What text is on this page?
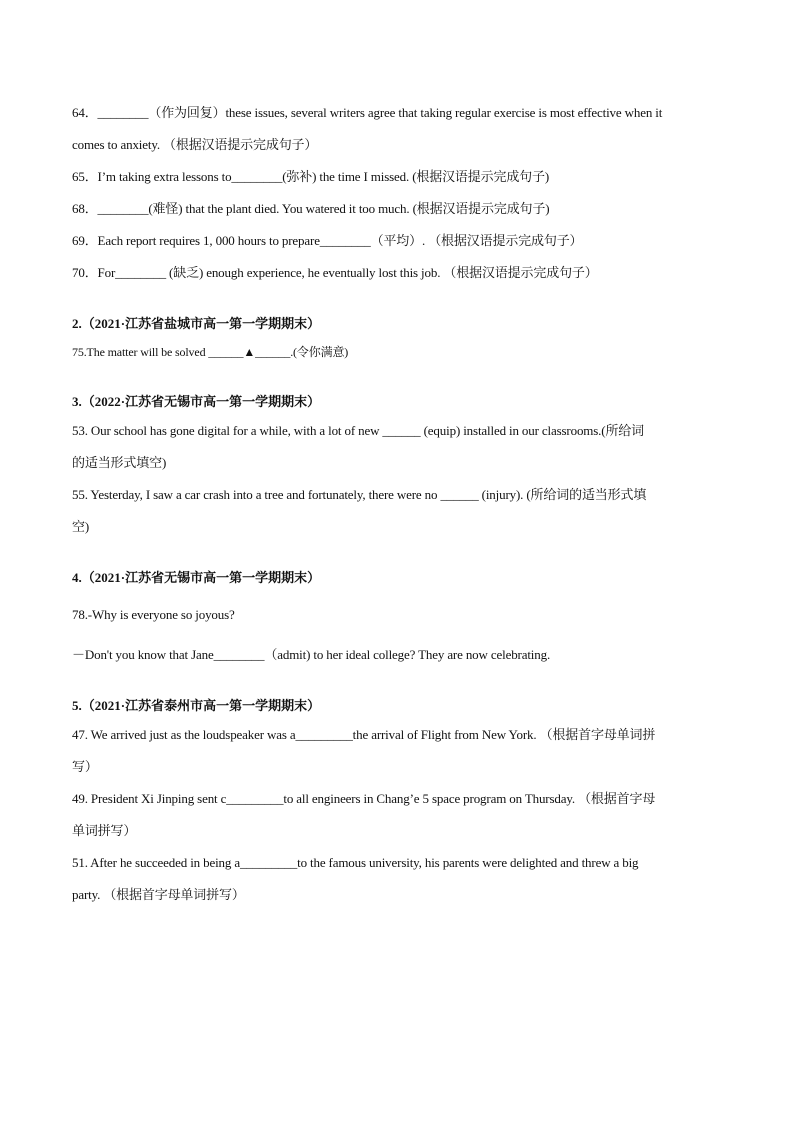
64．________（作为回复）these issues, several writers agree that taking regular exercise is most effective when it
comes to anxiety. （根据汉语提示完成句子）
65．I’m taking extra lessons to________(弥补) the time I missed. (根据汉语提示完成句子)
68．________(难怪) that the plant died. You watered it too much. (根据汉语提示完成句子)
69．Each report requires 1, 000 hours to prepare________（平均）. （根据汉语提示完成句子）
70．For________ (缺乏) enough experience, he eventually lost this job. （根据汉语提示完成句子）
2.（2021·江苏省盐城市高一第一学期期末）
75.The matter will be solved ______▲______.(令你满意)
3.（2022·江苏省无锡市高一第一学期期末）
53. Our school has gone digital for a while, with a lot of new ______ (equip) installed in our classrooms.(所给词
的适当形式填空)
55. Yesterday, I saw a car crash into a tree and fortunately, there were no ______ (injury). (所给词的适当形式填
空)
4.（2021·江苏省无锡市高一第一学期期末）
78.-Why is everyone so joyous?
－Don't you know that Jane________（admit) to her ideal college? They are now celebrating.
5.（2021·江苏省泰州市高一第一学期期末）
47. We arrived just as the loudspeaker was a_________the arrival of Flight from New York. （根据首字母单词拼
写）
49. President Xi Jinping sent c_________to all engineers in Chang’e 5 space program on Thursday. （根据首字母
单词拼写）
51. After he succeeded in being a_________to the famous university, his parents were delighted and threw a big
party. （根据首字母单词拼写）
